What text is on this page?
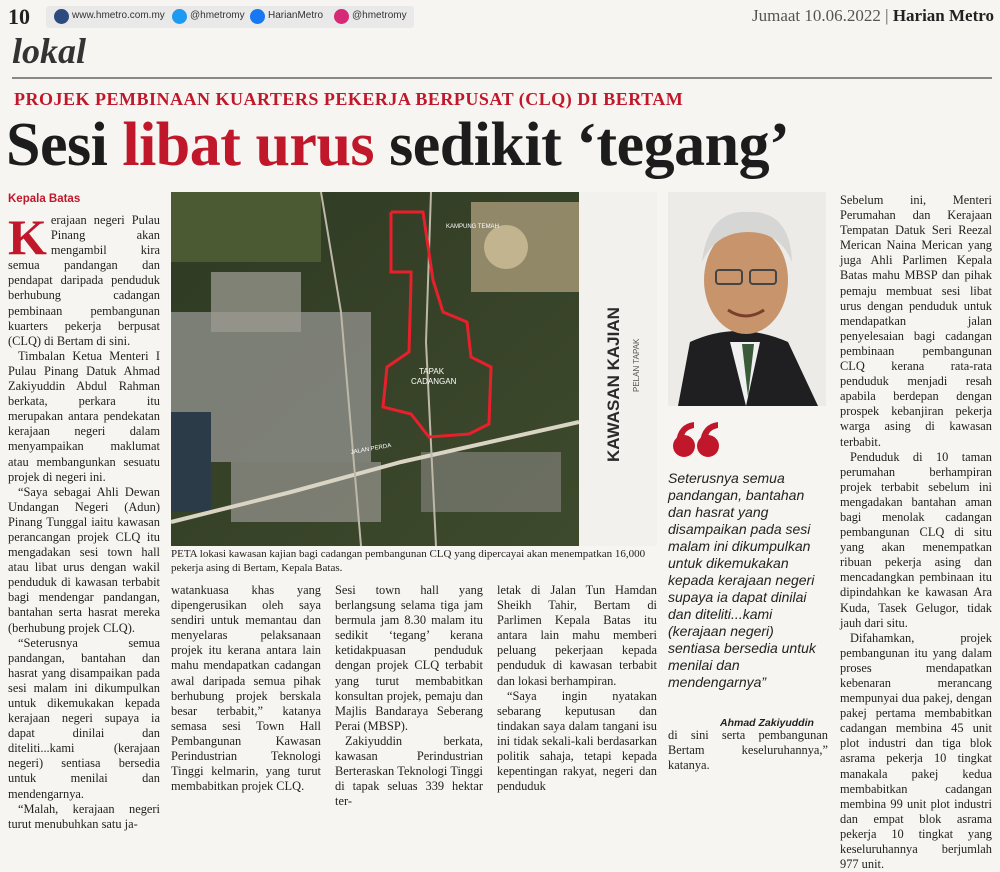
10	www.hmetro.com.my	@hmetromy HarianMetro	@hmetromy	Jumaat 10.06.2022 | Harian Metro
lokal
PROJEK PEMBINAAN KUARTERS PEKERJA BERPUSAT (CLQ) DI BERTAM
Sesi libat urus sedikit ‘tegang’
Kepala Batas

Kerajaan negeri Pulau Pinang akan mengambil kira semua pandangan dan pendapat daripada penduduk berhubung cadangan pembinaan pembangunan kuarters pekerja berpusat (CLQ) di Bertam di sini.

Timbalan Ketua Menteri I Pulau Pinang Datuk Ahmad Zakiyuddin Abdul Rahman berkata, perkara itu merupakan antara pendekatan kerajaan negeri dalam menyampaikan maklumat atau membangunkan sesuatu projek di negeri ini.

“Saya sebagai Ahli Dewan Undangan Negeri (Adun) Pinang Tunggal iaitu kawasan perancangan projek CLQ itu mengadakan sesi town hall atau libat urus dengan wakil penduduk di kawasan terbabit bagi mendengar pandangan, bantahan serta hasrat mereka (berhubung projek CLQ).

“Seterusnya semua pandangan, bantahan dan hasrat yang disampaikan pada sesi malam ini dikumpulkan untuk dikemukakan kepada kerajaan negeri supaya ia dapat dinilai dan diteliti...kami (kerajaan negeri) sentiasa bersedia untuk menilai dan mendengarnya.

“Malah, kerajaan negeri turut menubuhkan satu ja-

TAPAK
CADANGAN
KAMPUNG TEMAH
JALAN PERDA	KAWASAN KAJIAN PELAN TAPAK
PETA lokasi kawasan kajian bagi cadangan pembangunan CLQ yang dipercayai akan menempatkan 16,000 pekerja asing di Bertam, Kepala Batas.

watankuasa khas yang dipengerusikan oleh saya sendiri untuk memantau dan menyelaras pelaksanaan projek itu kerana antara lain mahu mendapatkan cadangan awal daripada semua pihak berhubung projek berskala besar terbabit,” katanya semasa sesi Town Hall Pembangunan Kawasan Perindustrian Teknologi Tinggi kelmarin, yang turut membabitkan projek CLQ.

Sesi town hall yang berlangsung selama tiga jam bermula jam 8.30 malam itu sedikit ‘tegang’ kerana ketidakpuasan penduduk dengan projek CLQ terbabit yang turut membabitkan konsultan projek, pemaju dan Majlis Bandaraya Seberang Perai (MBSP).

Zakiyuddin berkata, kawasan Perindustrian Berteraskan Teknologi Tinggi di tapak seluas 339 hektar ter-

letak di Jalan Tun Hamdan Sheikh Tahir, Bertam di Parlimen Kepala Batas itu antara lain mahu memberi peluang pekerjaan kepada penduduk di kawasan terbabit dan lokasi berhampiran.

“Saya ingin nyatakan sebarang keputusan dan tindakan saya dalam tangani isu ini tidak sekali-kali berdasarkan politik sahaja, tetapi kepada kepentingan rakyat, negeri dan penduduk

di sini serta pembangunan Bertam keseluruhannya,” katanya.

Seterusnya semua pandangan, bantahan dan hasrat yang disampaikan pada sesi malam ini dikumpulkan untuk dikemukakan kepada kerajaan negeri supaya ia dapat dinilai dan diteliti...kami (kerajaan negeri) sentiasa bersedia untuk menilai dan mendengarnya”
Ahmad Zakiyuddin

Sebelum ini, Menteri Perumahan dan Kerajaan Tempatan Datuk Seri Reezal Merican Naina Merican yang juga Ahli Parlimen Kepala Batas mahu MBSP dan pihak pemaju membuat sesi libat urus dengan penduduk untuk mendapatkan jalan penyelesaian bagi cadangan pembinaan pembangunan CLQ kerana rata-rata penduduk menjadi resah apabila berdepan dengan prospek kebanjiran pekerja warga asing di kawasan terbabit.

Penduduk di 10 taman perumahan berhampiran projek terbabit sebelum ini mengadakan bantahan aman bagi menolak cadangan pembangunan CLQ di situ yang akan menempatkan ribuan pekerja asing dan mencadangkan pembinaan itu dipindahkan ke kawasan Ara Kuda, Tasek Gelugor, tidak jauh dari situ.

Difahamkan, projek pembangunan itu yang dalam proses mendapatkan kebenaran merancang mempunyai dua pakej, dengan pakej pertama membabitkan cadangan membina 45 unit plot industri dan tiga blok asrama pekerja 10 tingkat manakala pakej kedua membabitkan cadangan membina 99 unit plot industri dan empat blok asrama pekerja 10 tingkat yang keseluruhannya berjumlah 977 unit.
